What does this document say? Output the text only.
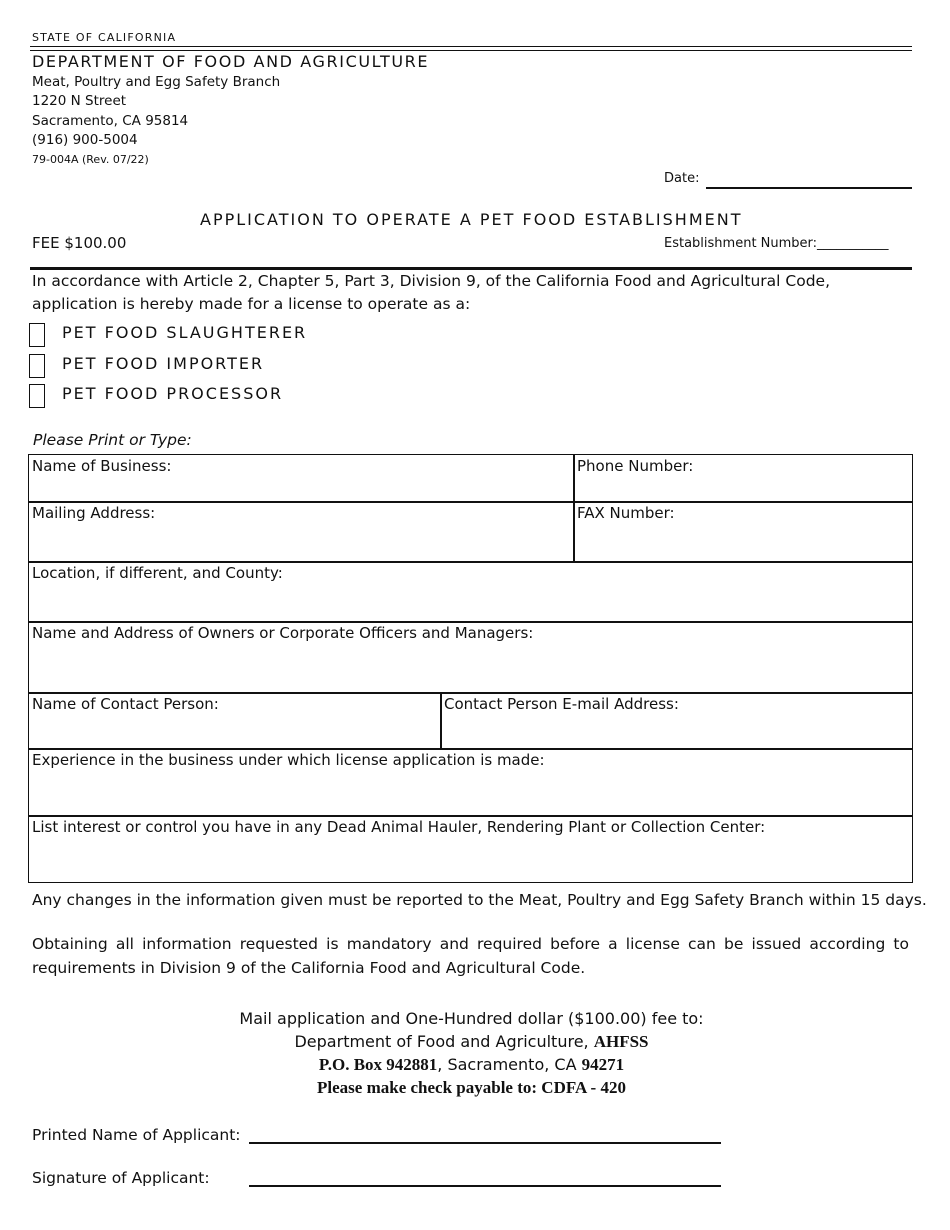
STATE OF CALIFORNIA
DEPARTMENT OF FOOD AND AGRICULTURE
Meat, Poultry and Egg Safety Branch
1220 N Street
Sacramento, CA 95814
(916) 900-5004
79-004A (Rev. 07/22)
Date:
APPLICATION TO OPERATE A PET FOOD ESTABLISHMENT
FEE $100.00	Establishment Number:___________
In accordance with Article 2, Chapter 5, Part 3, Division 9, of the California Food and Agricultural Code, application is hereby made for a license to operate as a:
PET FOOD SLAUGHTERER
PET FOOD IMPORTER
PET FOOD PROCESSOR
Please Print or Type:
Name of Business:	Phone Number:
Mailing Address:	FAX Number:
Location, if different, and County:
Name and Address of Owners or Corporate Officers and Managers:
Name of Contact Person:	Contact Person E-mail Address:
Experience in the business under which license application is made:
List interest or control you have in any Dead Animal Hauler, Rendering Plant or Collection Center:
Any changes in the information given must be reported to the Meat, Poultry and Egg Safety Branch within 15 days.
Obtaining all information requested is mandatory and required before a license can be issued according to requirements in Division 9 of the California Food and Agricultural Code.
Mail application and One-Hundred dollar ($100.00) fee to:
Department of Food and Agriculture, AHFSS
P.O. Box 942881, Sacramento, CA 94271
Please make check payable to: CDFA - 420
Printed Name of Applicant:
Signature of Applicant:
